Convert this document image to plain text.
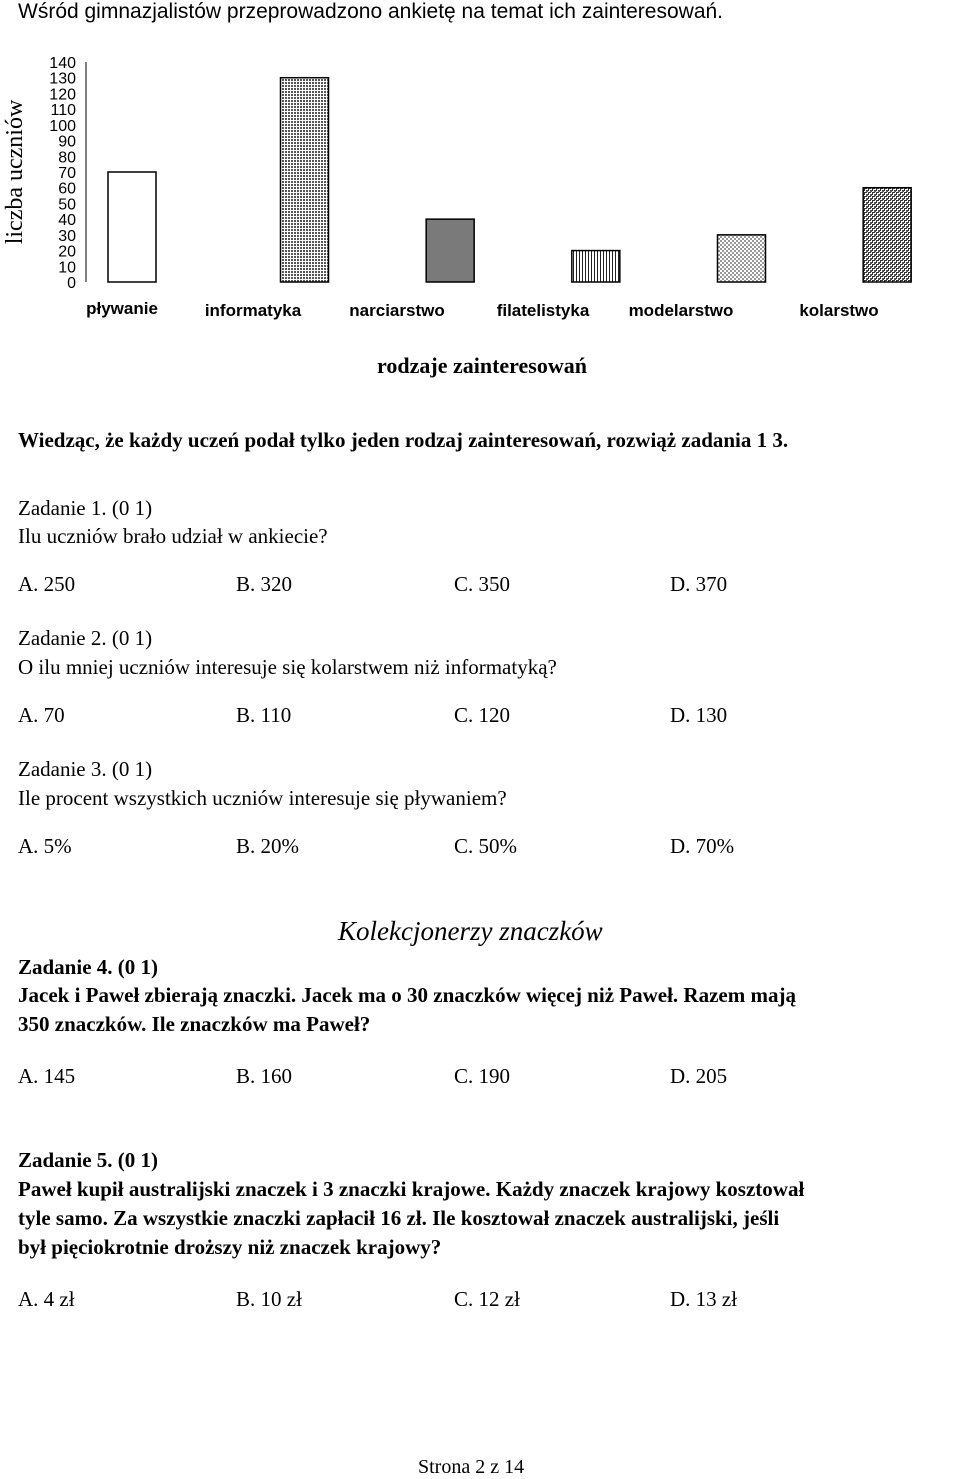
Wśród gimnazjalistów przeprowadzono ankietę na temat ich zainteresowań.
140
130
120
110
100
90
80
70
60
50
40
30
20
10
0
liczba uczniów
pływanie	informatyka	narciarstwo	filatelistyka modelarstwo	kolarstwo
rodzaje zainteresowań
Wiedząc, że każdy uczeń podał tylko jeden rodzaj zainteresowań, rozwiąż zadania 1 3.
Zadanie 1. (0 1)
Ilu uczniów brało udział w ankiecie?
A. 250	B. 320	C. 350	D. 370
Zadanie 2. (0 1)
O ilu mniej uczniów interesuje się kolarstwem niż informatyką?
A. 70	B. 110	C. 120	D. 130
Zadanie 3. (0 1)
Ile procent wszystkich uczniów interesuje się pływaniem?
A. 5%	B. 20%	C. 50%	D. 70%
Kolekcjonerzy znaczków
Zadanie 4. (0 1)
Jacek i Paweł zbierają znaczki. Jacek ma o 30 znaczków więcej niż Paweł. Razem mają
350 znaczków. Ile znaczków ma Paweł?
A. 145	B. 160	C. 190	D. 205
Zadanie 5. (0 1)
Paweł kupił australijski znaczek i 3 znaczki krajowe. Każdy znaczek krajowy kosztował
tyle samo. Za wszystkie znaczki zapłacił 16 zł. Ile kosztował znaczek australijski, jeśli
był pięciokrotnie droższy niż znaczek krajowy?
A. 4 zł	B. 10 zł	C. 12 zł	D. 13 zł
Strona 2 z 14
